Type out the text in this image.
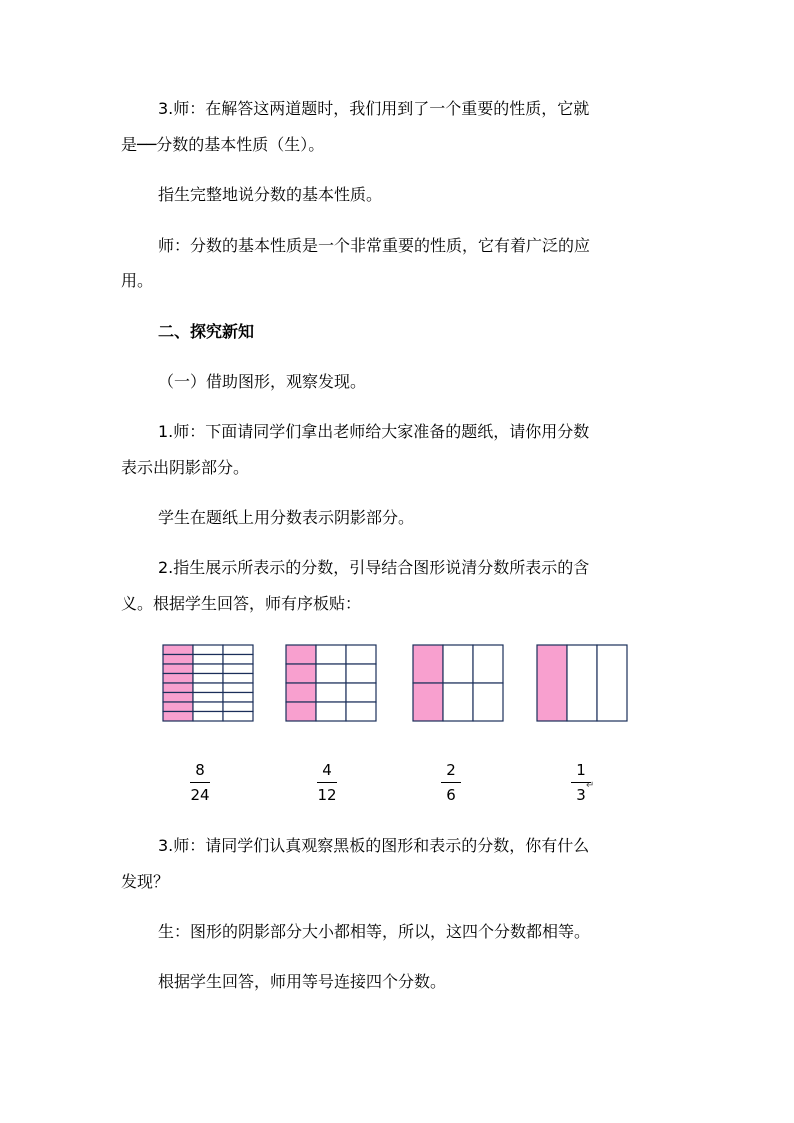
3.师：在解答这两道题时，我们用到了一个重要的性质，它就

是──分数的基本性质（生）。

指生完整地说分数的基本性质。

师：分数的基本性质是一个非常重要的性质，它有着广泛的应

用。

二、探究新知

（一）借助图形，观察发现。

1.师：下面请同学们拿出老师给大家准备的题纸，请你用分数

表示出阴影部分。

学生在题纸上用分数表示阴影部分。

2.指生展示所表示的分数，引导结合图形说清分数所表示的含

义。根据学生回答，师有序板贴：

8
24
4
12
2
6
1
3
↵

3.师：请同学们认真观察黑板的图形和表示的分数，你有什么

发现？

生：图形的阴影部分大小都相等，所以，这四个分数都相等。

根据学生回答，师用等号连接四个分数。
